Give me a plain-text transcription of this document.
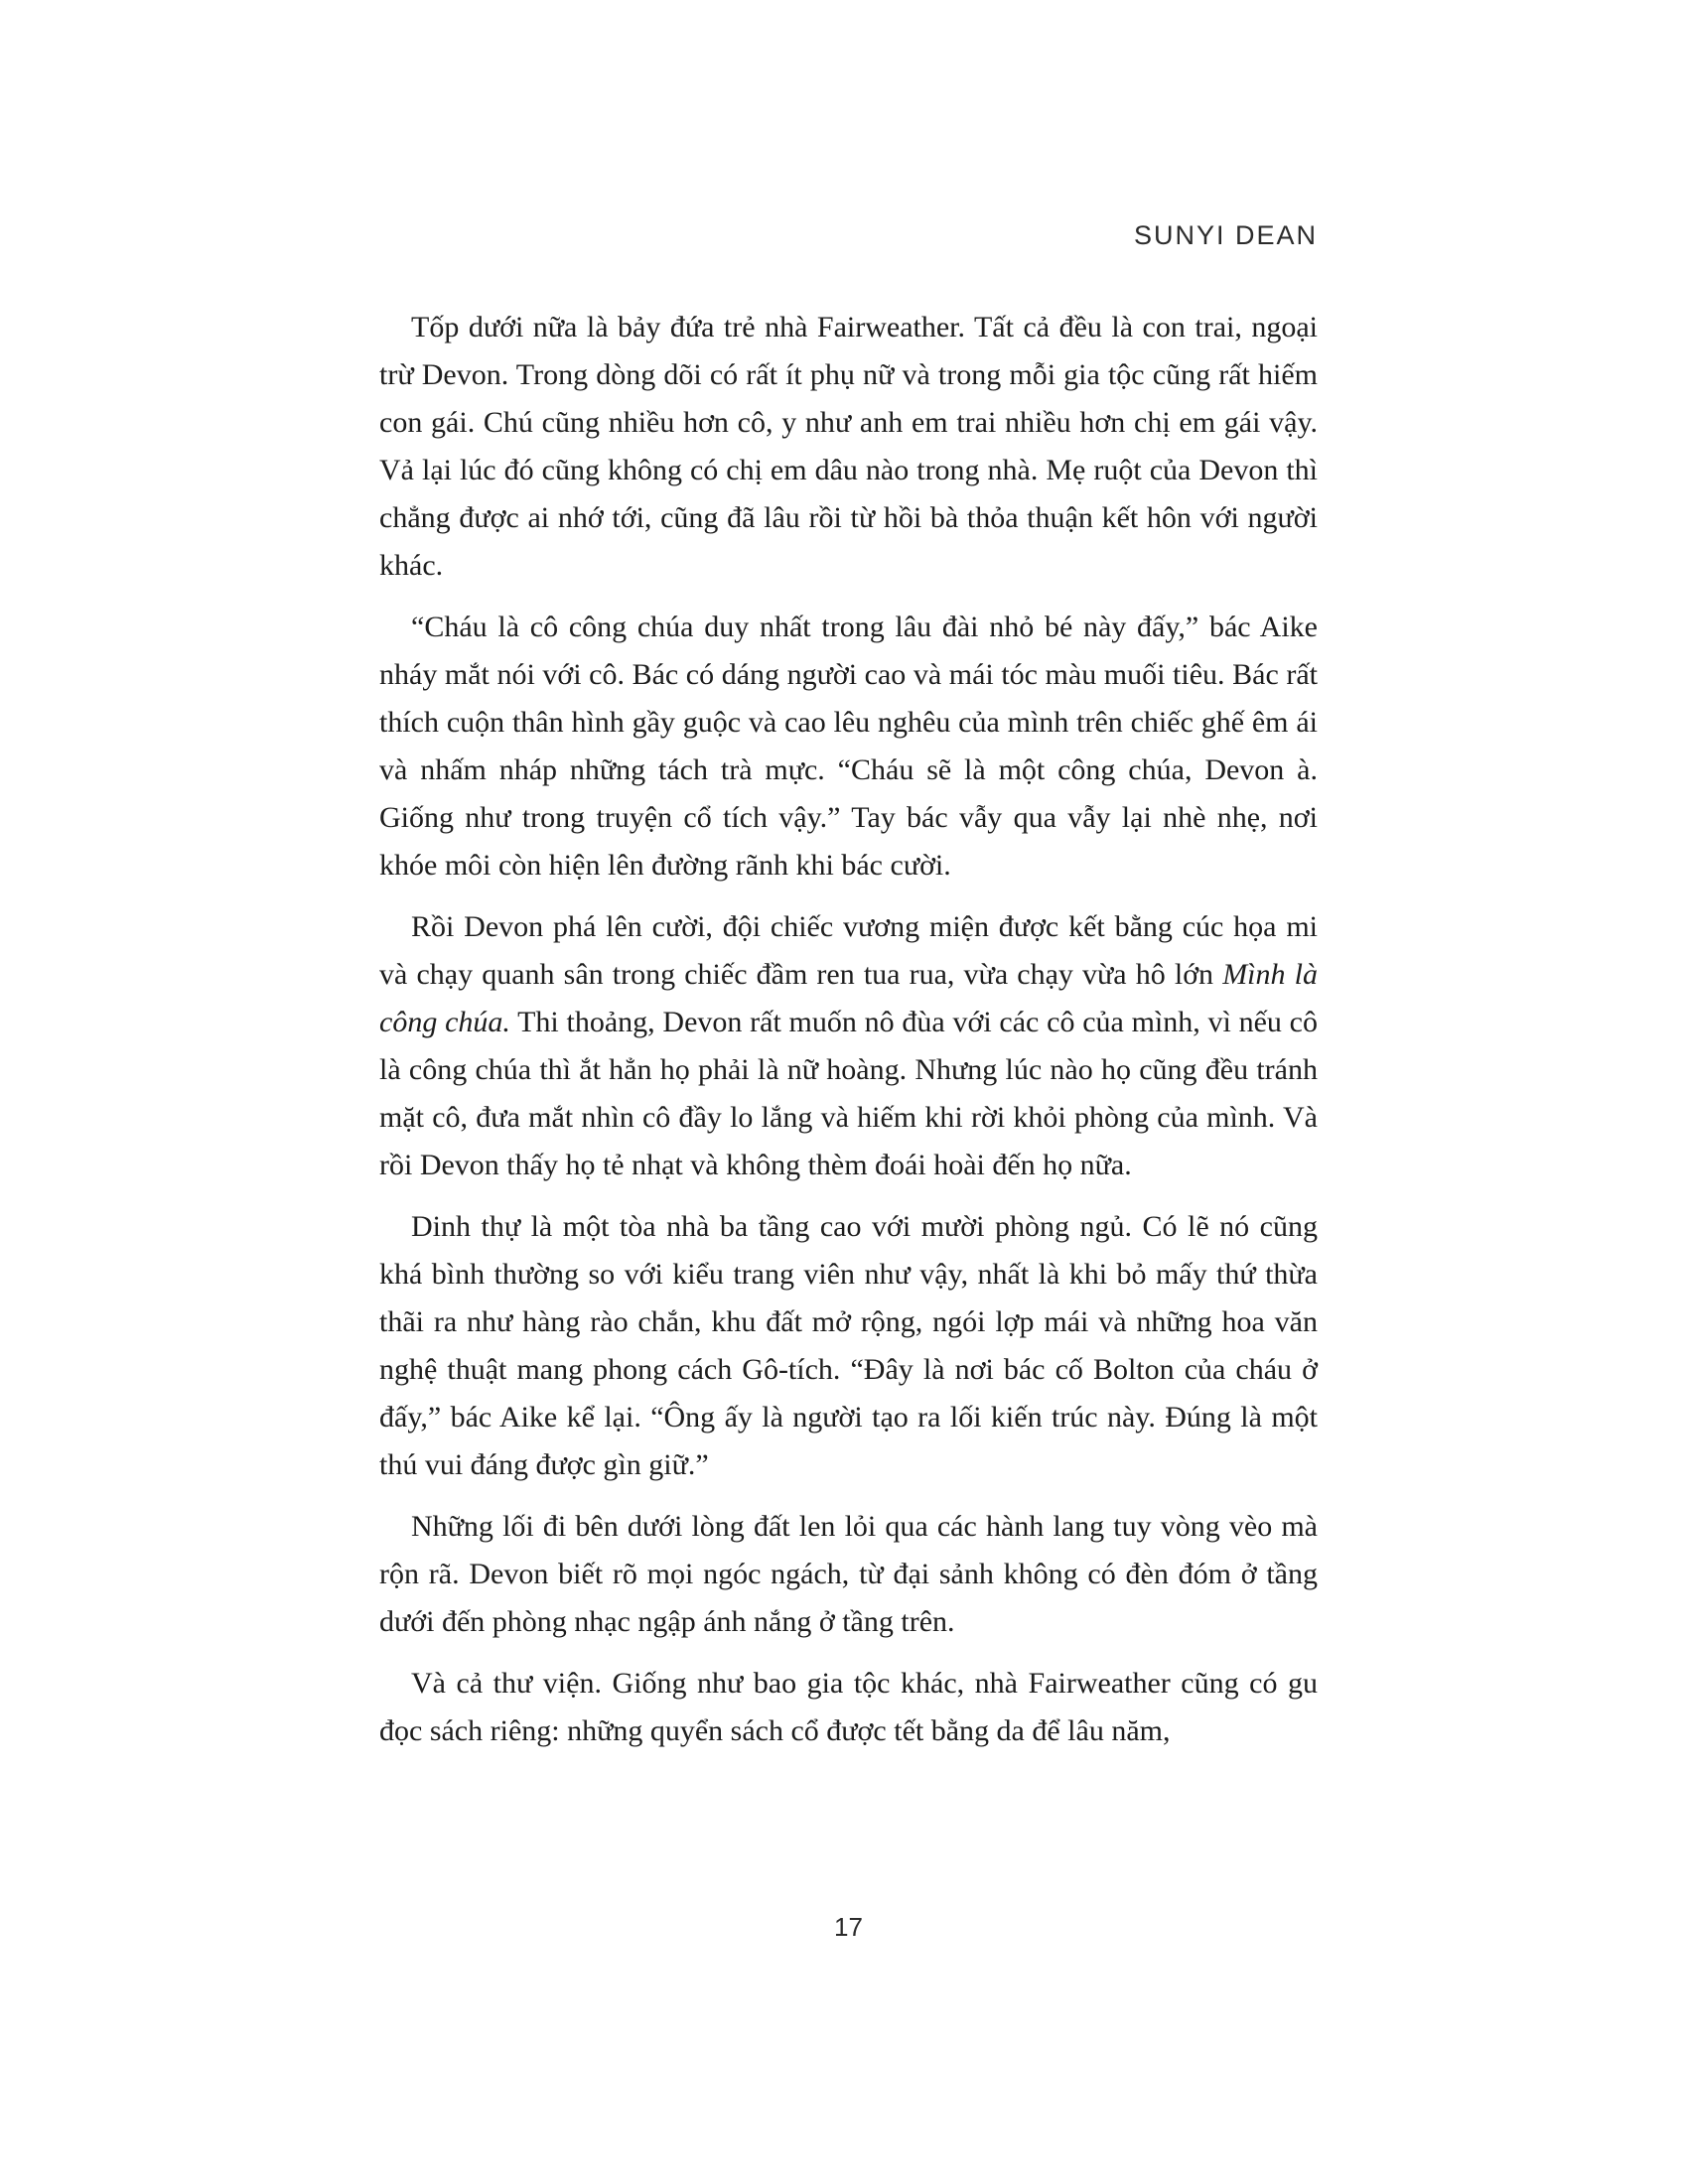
SUNYI DEAN

Tốp dưới nữa là bảy đứa trẻ nhà Fairweather. Tất cả đều là con trai, ngoại trừ Devon. Trong dòng dõi có rất ít phụ nữ và trong mỗi gia tộc cũng rất hiếm con gái. Chú cũng nhiều hơn cô, y như anh em trai nhiều hơn chị em gái vậy. Vả lại lúc đó cũng không có chị em dâu nào trong nhà. Mẹ ruột của Devon thì chẳng được ai nhớ tới, cũng đã lâu rồi từ hồi bà thỏa thuận kết hôn với người khác.

“Cháu là cô công chúa duy nhất trong lâu đài nhỏ bé này đấy,” bác Aike nháy mắt nói với cô. Bác có dáng người cao và mái tóc màu muối tiêu. Bác rất thích cuộn thân hình gầy guộc và cao lêu nghêu của mình trên chiếc ghế êm ái và nhấm nháp những tách trà mực. “Cháu sẽ là một công chúa, Devon à. Giống như trong truyện cổ tích vậy.” Tay bác vẫy qua vẫy lại nhè nhẹ, nơi khóe môi còn hiện lên đường rãnh khi bác cười.

Rồi Devon phá lên cười, đội chiếc vương miện được kết bằng cúc họa mi và chạy quanh sân trong chiếc đầm ren tua rua, vừa chạy vừa hô lớn Mình là công chúa. Thi thoảng, Devon rất muốn nô đùa với các cô của mình, vì nếu cô là công chúa thì ắt hẳn họ phải là nữ hoàng. Nhưng lúc nào họ cũng đều tránh mặt cô, đưa mắt nhìn cô đầy lo lắng và hiếm khi rời khỏi phòng của mình. Và rồi Devon thấy họ tẻ nhạt và không thèm đoái hoài đến họ nữa.

Dinh thự là một tòa nhà ba tầng cao với mười phòng ngủ. Có lẽ nó cũng khá bình thường so với kiểu trang viên như vậy, nhất là khi bỏ mấy thứ thừa thãi ra như hàng rào chắn, khu đất mở rộng, ngói lợp mái và những hoa văn nghệ thuật mang phong cách Gô-tích. “Đây là nơi bác cố Bolton của cháu ở đấy,” bác Aike kể lại. “Ông ấy là người tạo ra lối kiến trúc này. Đúng là một thú vui đáng được gìn giữ.”

Những lối đi bên dưới lòng đất len lỏi qua các hành lang tuy vòng vèo mà rộn rã. Devon biết rõ mọi ngóc ngách, từ đại sảnh không có đèn đóm ở tầng dưới đến phòng nhạc ngập ánh nắng ở tầng trên.

Và cả thư viện. Giống như bao gia tộc khác, nhà Fairweather cũng có gu đọc sách riêng: những quyển sách cổ được tết bằng da để lâu năm,

17
